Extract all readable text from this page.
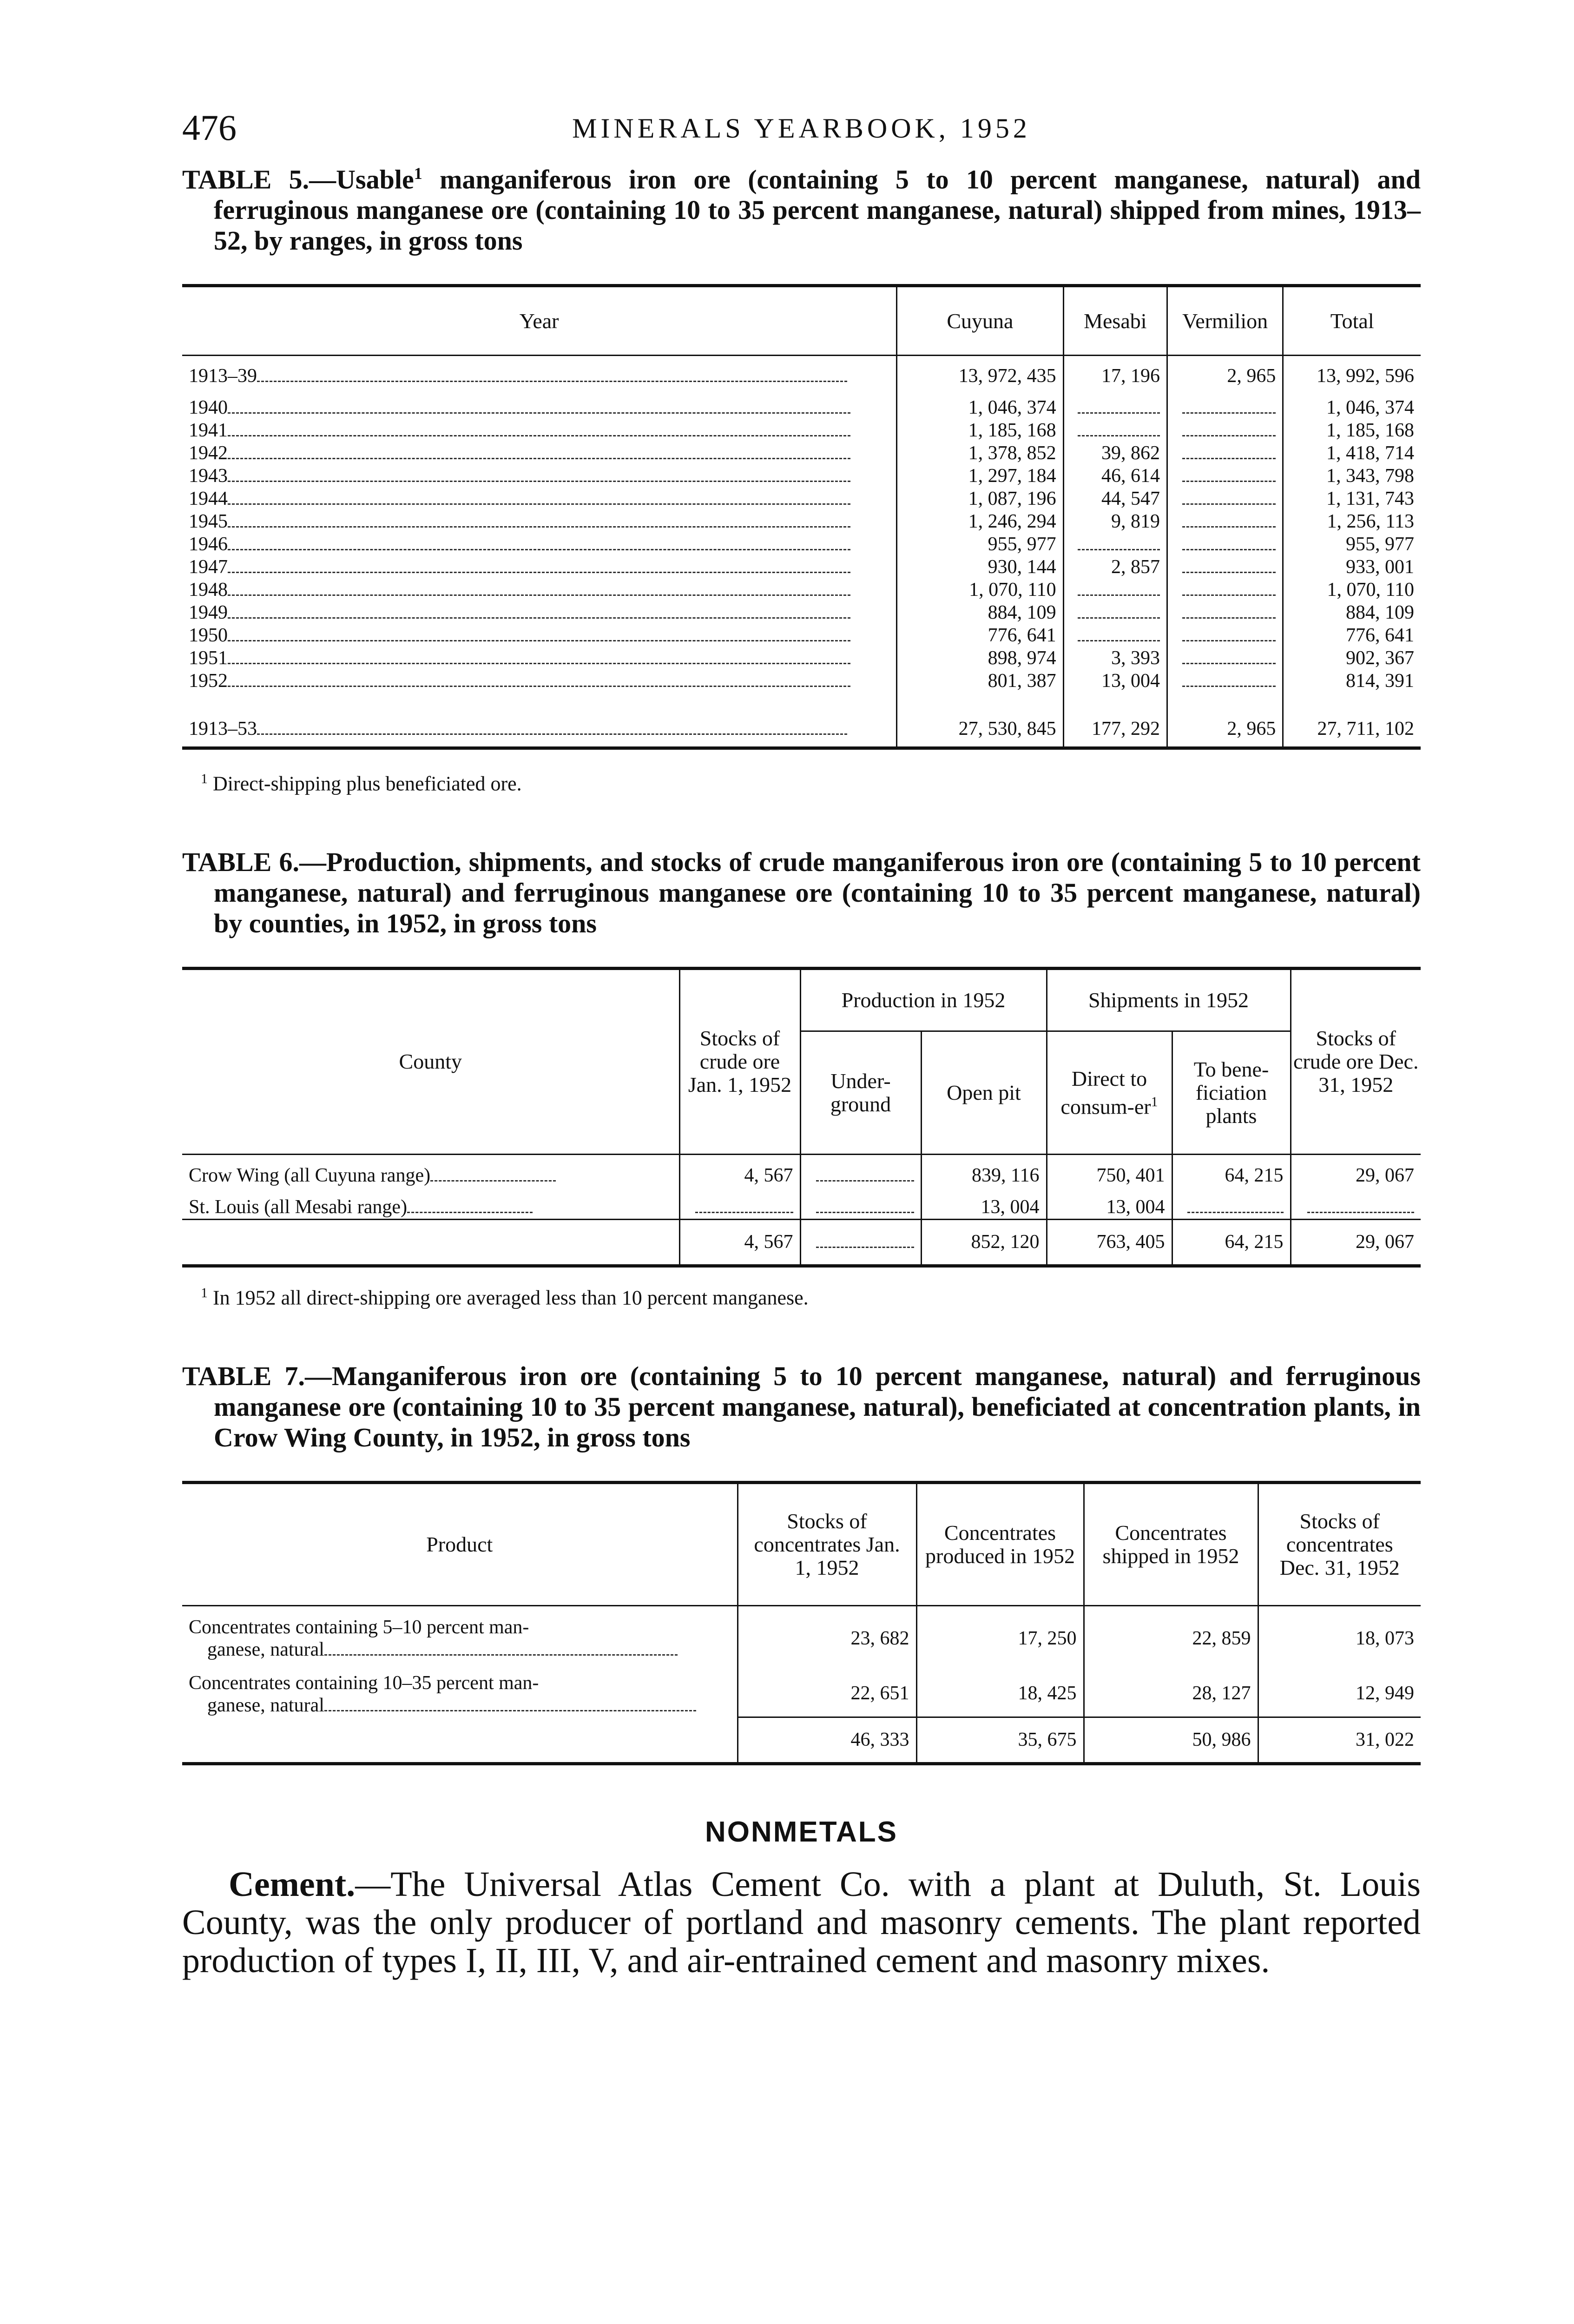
476	MINERALS YEARBOOK, 1952

TABLE 5.—Usable$^1$ manganiferous iron ore (containing 5 to 10 percent manganese, natural) and ferruginous manganese ore (containing 10 to 35 percent manganese, natural) shipped from mines, 1913–52, by ranges, in gross tons

Year	Cuyuna	Mesabi	Vermilion	Total
1913–39	13, 972, 435	17, 196	2, 965	13, 992, 596
1940	1, 046, 374			1, 046, 374
1941	1, 185, 168			1, 185, 168
1942	1, 378, 852	39, 862		1, 418, 714
1943	1, 297, 184	46, 614		1, 343, 798
1944	1, 087, 196	44, 547		1, 131, 743
1945	1, 246, 294	9, 819		1, 256, 113
1946	955, 977			955, 977
1947	930, 144	2, 857		933, 001
1948	1, 070, 110			1, 070, 110
1949	884, 109			884, 109
1950	776, 641			776, 641
1951	898, 974	3, 393		902, 367
1952	801, 387	13, 004		814, 391

1913–53	27, 530, 845	177, 292	2, 965	27, 711, 102
$^1$ Direct-shipping plus beneficiated ore.

TABLE 6.—Production, shipments, and stocks of crude manganiferous iron ore (containing 5 to 10 percent manganese, natural) and ferruginous manganese ore (containing 10 to 35 percent manganese, natural) by counties, in 1952, in gross tons

County	Stocks of crude ore Jan. 1, 1952	Production in 1952		Shipments in 1952		Stocks of crude ore Dec. 31, 1952
		Under-ground	Open pit	Direct to consum-$er^1$	To bene-ficiation plants	
Crow Wing (all Cuyuna range)	4, 567		839, 116	750, 401	64, 215	29, 067
St. Louis (all Mesabi range)			13, 004	13, 004		
	4, 567		852, 120	763, 405	64, 215	29, 067
$^1$ In 1952 all direct-shipping ore averaged less than 10 percent manganese.

TABLE 7.—Manganiferous iron ore (containing 5 to 10 percent manganese, natural) and ferruginous manganese ore (containing 10 to 35 percent manganese, natural), beneficiated at concentration plants, in Crow Wing County, in 1952, in gross tons

Product	Stocks of concentrates Jan. 1, 1952	Concentrates produced in 1952	Concentrates shipped in 1952	Stocks of concentrates Dec. 31, 1952

Concentrates containing 5–10 percent man-
ganese, natural	23, 682	17, 250	22, 859	18, 073

Concentrates containing 10–35 percent man-
ganese, natural	22, 651	18, 425	28, 127	12, 949
	46, 333	35, 675	50, 986	31, 022
NONMETALS

Cement.—The Universal Atlas Cement Co. with a plant at Duluth, St. Louis County, was the only producer of portland and masonry cements. The plant reported production of types I, II, III, V, and air-entrained cement and masonry mixes.
